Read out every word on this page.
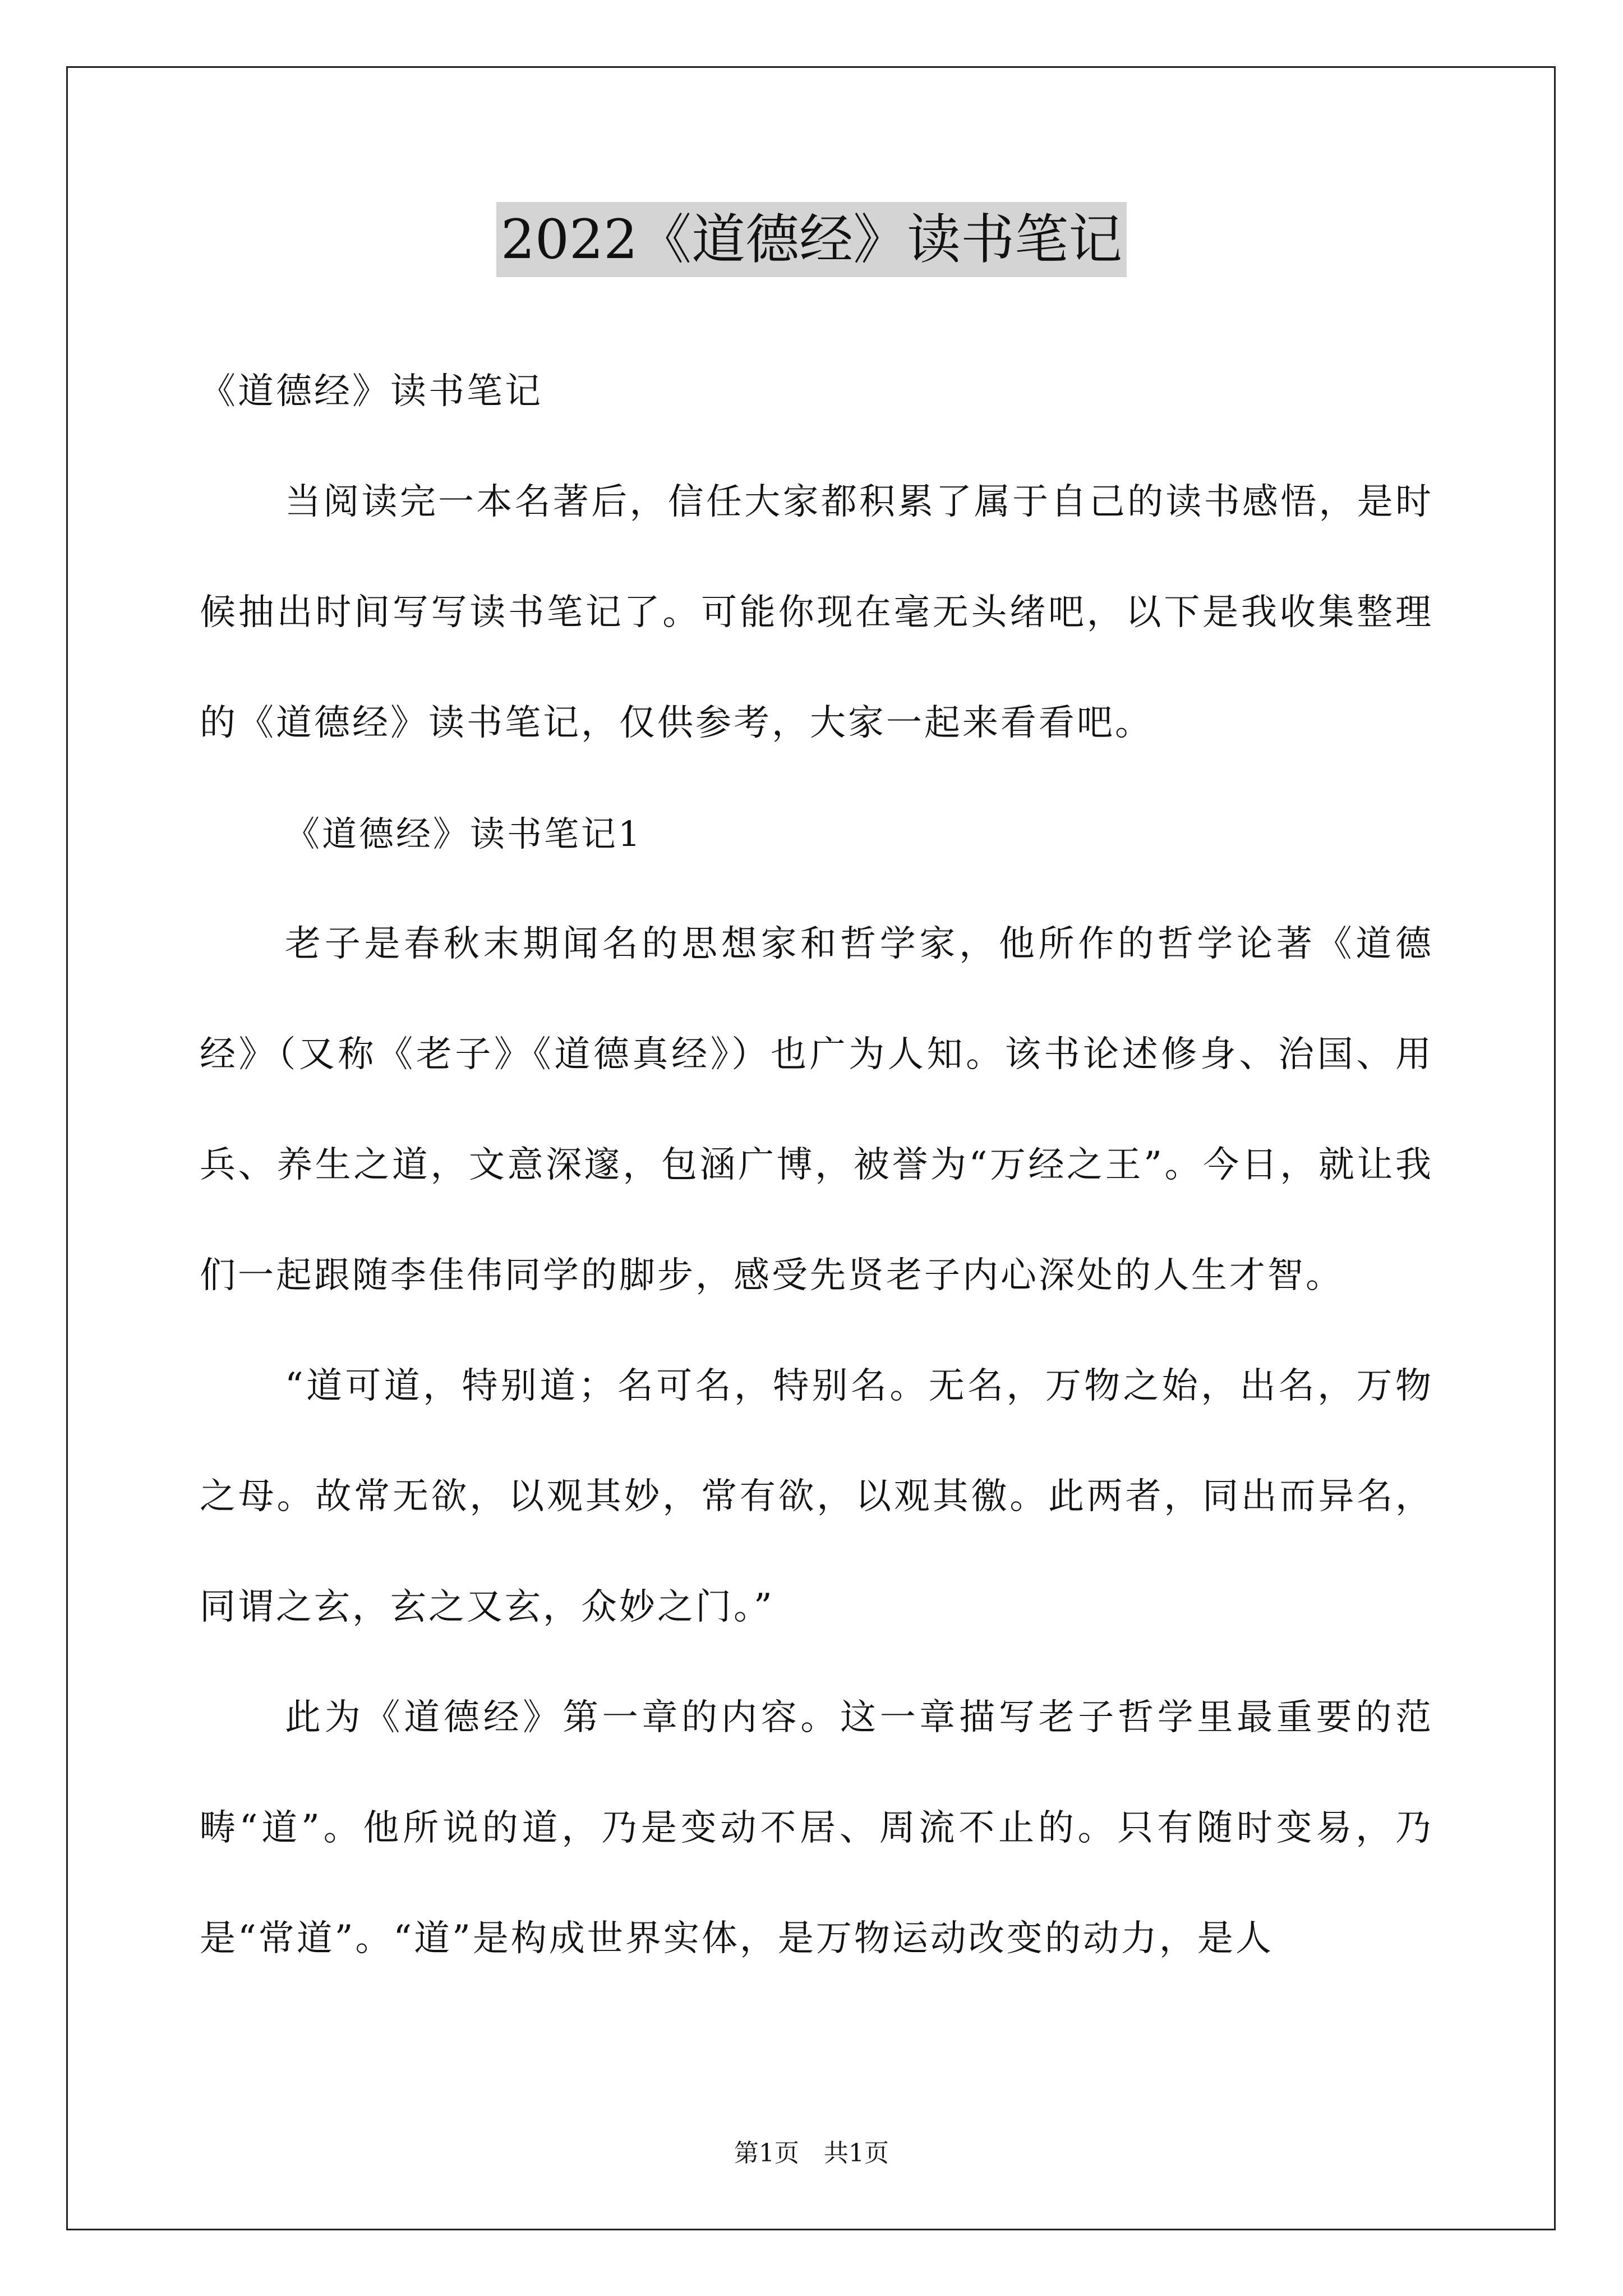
2022《道德经》读书笔记

《道德经》读书笔记

当阅读完一本名著后，信任大家都积累了属于自己的读书感悟，是时候抽出时间写写读书笔记了。可能你现在毫无头绪吧，以下是我收集整理的《道德经》读书笔记，仅供参考，大家一起来看看吧。

《道德经》读书笔记1

老子是春秋末期闻名的思想家和哲学家，他所作的哲学论著《道德经》（又称《老子》《道德真经》）也广为人知。该书论述修身、治国、用兵、养生之道，文意深邃，包涵广博，被誉为“万经之王”。今日，就让我们一起跟随李佳伟同学的脚步，感受先贤老子内心深处的人生才智。

“道可道，特别道；名可名，特别名。无名，万物之始，出名，万物之母。故常无欲，以观其妙，常有欲，以观其徼。此两者，同出而异名，同谓之玄，玄之又玄，众妙之门。”

此为《道德经》第一章的内容。这一章描写老子哲学里最重要的范畴“道”。他所说的道，乃是变动不居、周流不止的。只有随时变易，乃是“常道”。“道”是构成世界实体，是万物运动改变的动力，是人

第1页　共1页
